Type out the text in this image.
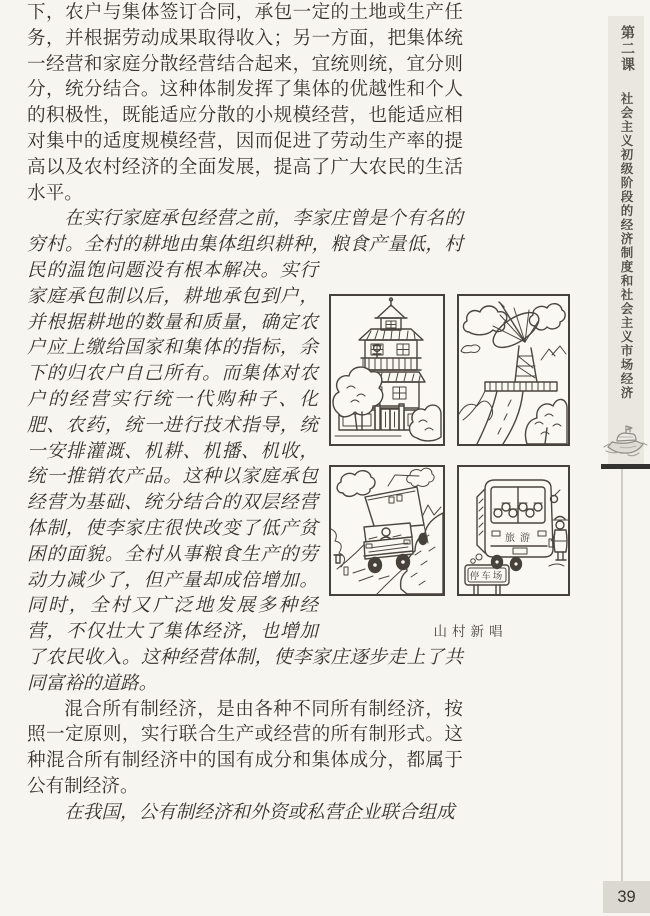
下，农户与集体签订合同，承包一定的土地或生产任务，并根据劳动成果取得收入；另一方面，把集体统一经营和家庭分散经营结合起来，宜统则统，宜分则分，统分结合。这种体制发挥了集体的优越性和个人的积极性，既能适应分散的小规模经营，也能适应相对集中的适度规模经营，因而促进了劳动生产率的提高以及农村经济的全面发展，提高了广大农民的生活水平。

在实行家庭承包经营之前，李家庄曾是个有名的穷村。全村的耕地由集体组织耕种，粮食产量低，村
旅游
停车场
山村新唱
民的温饱问题没有根本解决。实行家庭承包制以后，耕地承包到户，并根据耕地的数量和质量，确定农户应上缴给国家和集体的指标，余下的归农户自己所有。而集体对农户的经营实行统一代购种子、化肥、农药，统一进行技术指导，统一安排灌溉、机耕、机播、机收，统一推销农产品。这种以家庭承包经营为基础、统分结合的双层经营体制，使李家庄很快改变了低产贫困的面貌。全村从事粮食生产的劳动力减少了，但产量却成倍增加。同时，全村又广泛地发展多种经营，不仅壮大了集体经济，也增加了农民收入。这种经营体制，使李家庄逐步走上了共同富裕的道路。

混合所有制经济，是由各种不同所有制经济，按照一定原则，实行联合生产或经营的所有制形式。这种混合所有制经济中的国有成分和集体成分，都属于公有制经济。

在我国，公有制经济和外资或私营企业联合组成

第二课
社会主义初级阶段的经济制度和社会主义市场经济
39
